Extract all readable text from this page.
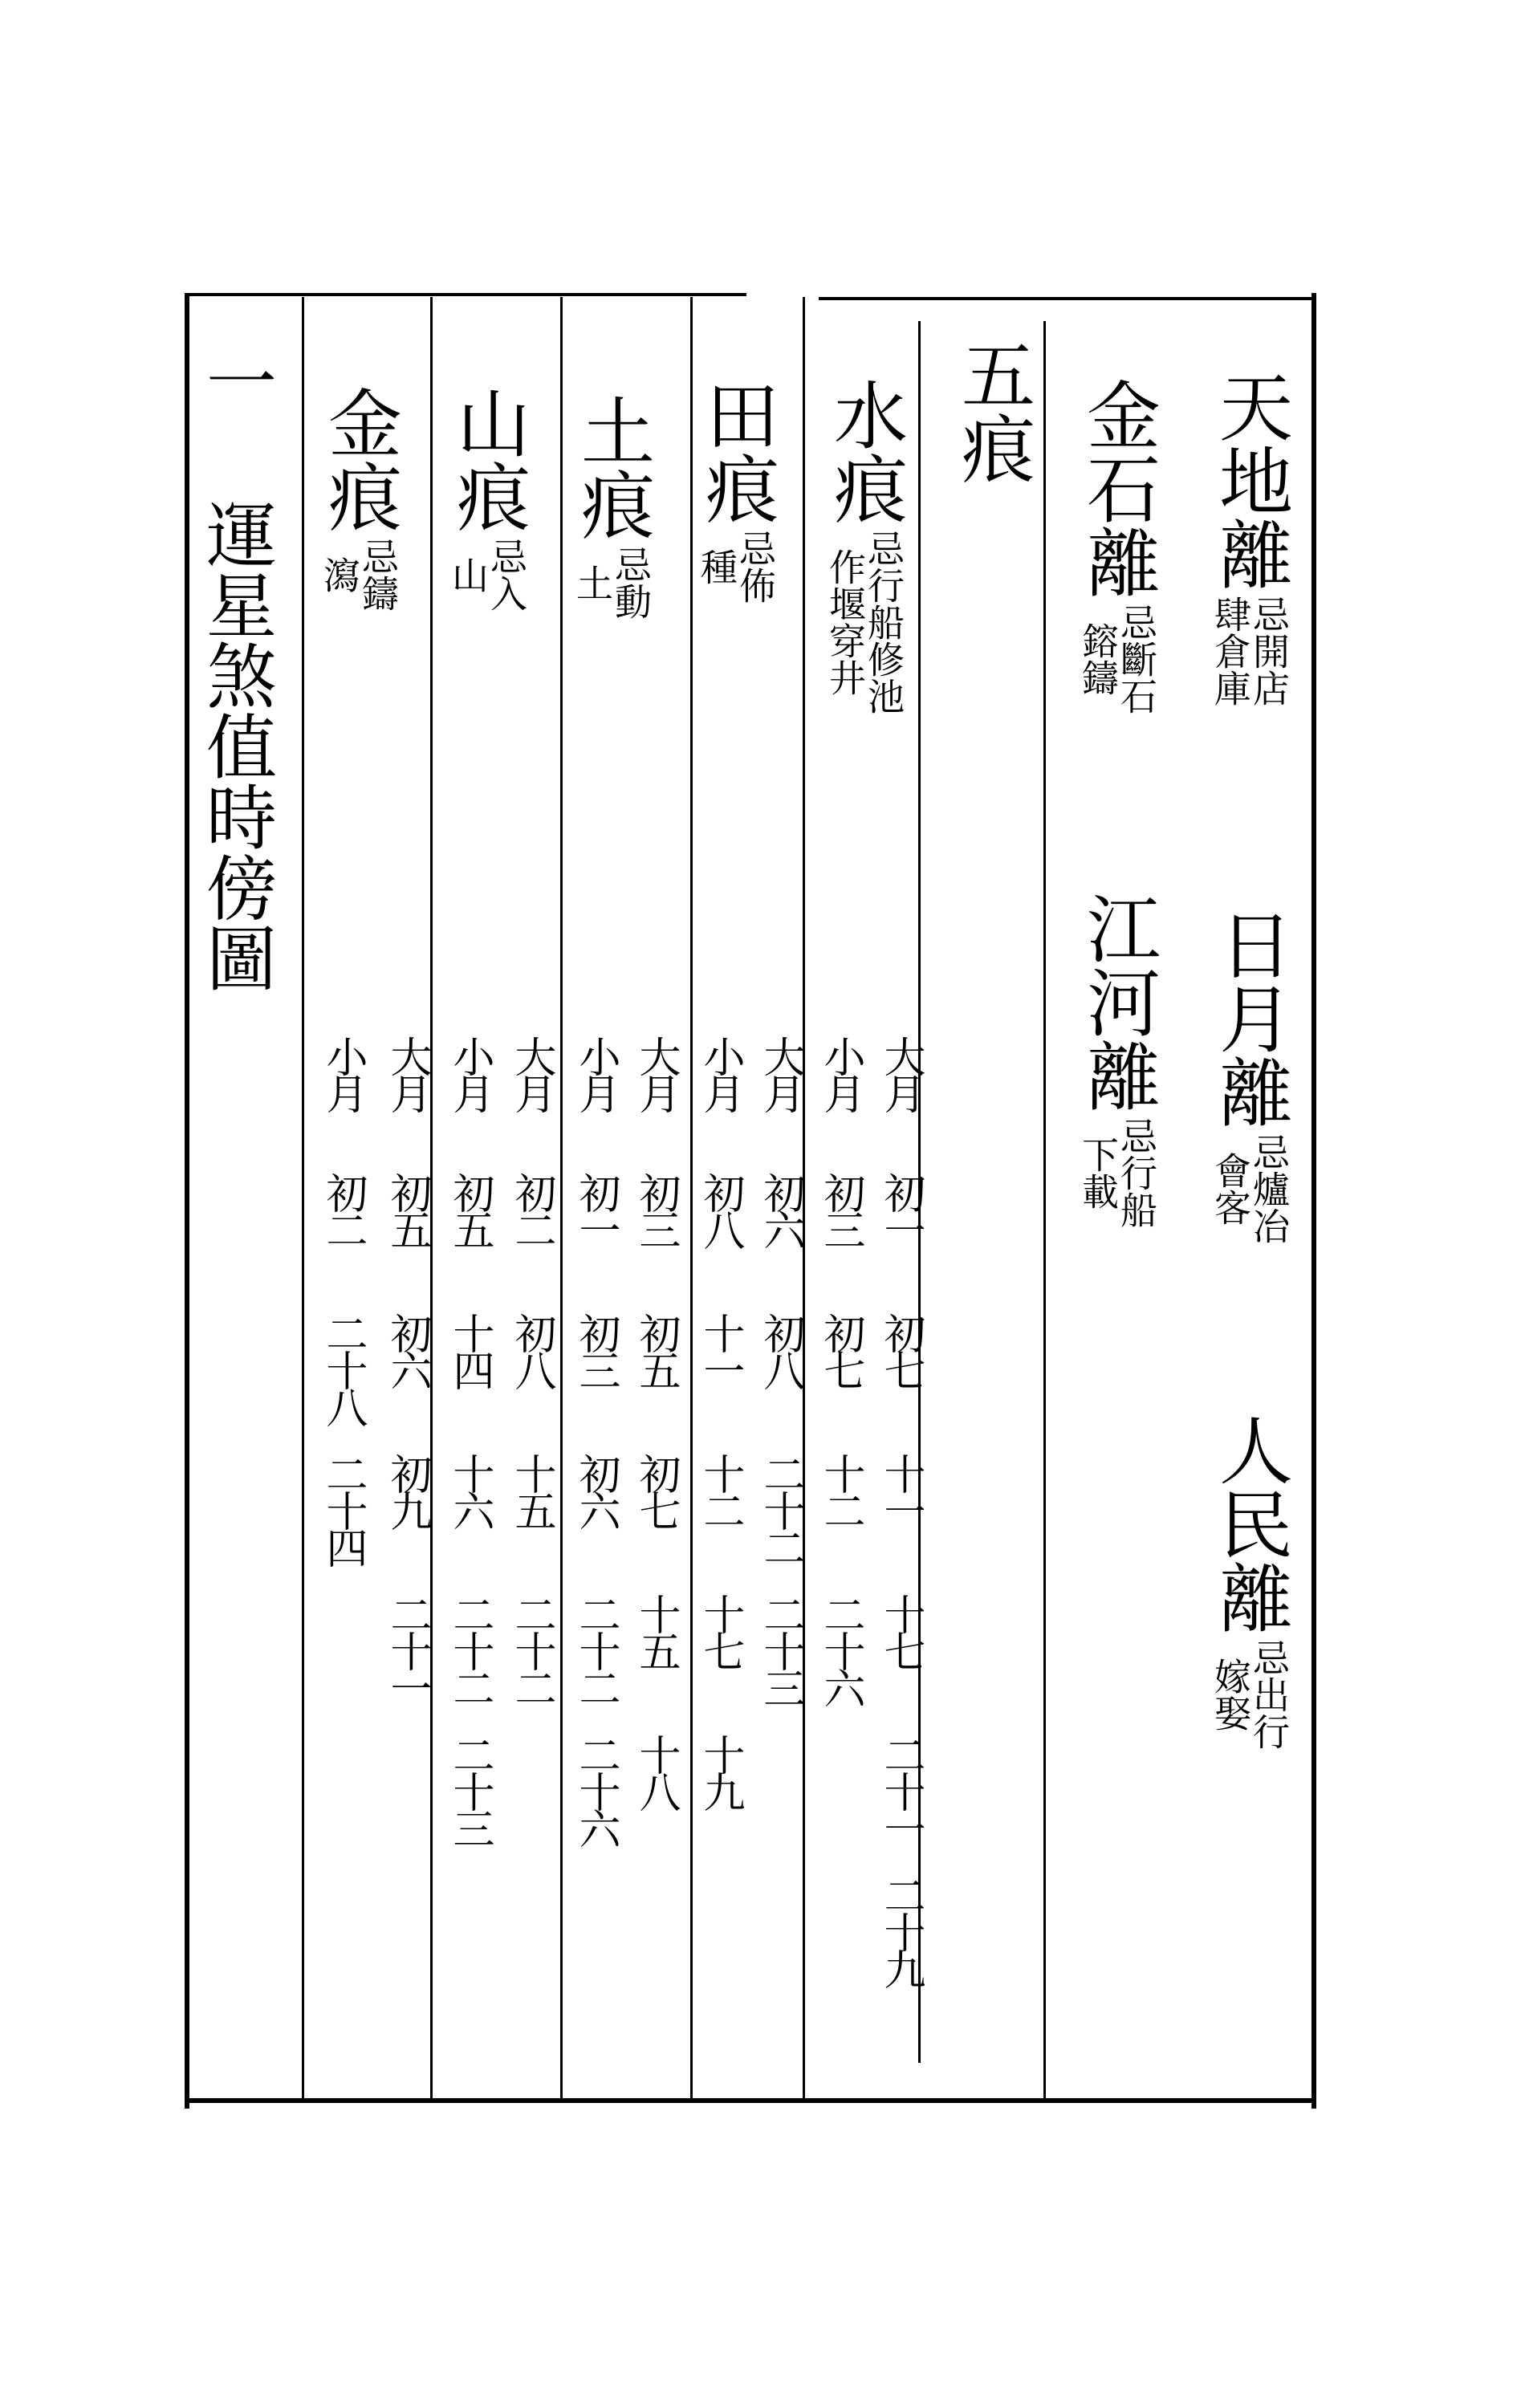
天地離
肆倉庫
忌開店
日月離
會客
忌爐冶
人民離
嫁娶
忌出行
金石離
鎔鑄
忌斷石
江河離
下載
忌行船
五痕
水痕
作堰穿井
忌行船修池
田痕
種
忌佈
土痕
土
忌動
山痕
山
忌入
金痕
瀉
忌鑄
大月
初一
初七
十一
十七
二十一
二十九
小月
初三
初七
十二
二十六
大月
初六
初八
二十二
二十三
小月
初八
十一
十二
十七
十九
大月
初三
初五
初七
十五
十八
小月
初一
初三
初六
二十二
二十六
大月
初二
初八
十五
二十二
小月
初五
十四
十六
二十二
二十三
大月
初五
初六
初九
二十一
小月
初二
二十八
二十四
一 運星煞值時傍圖
